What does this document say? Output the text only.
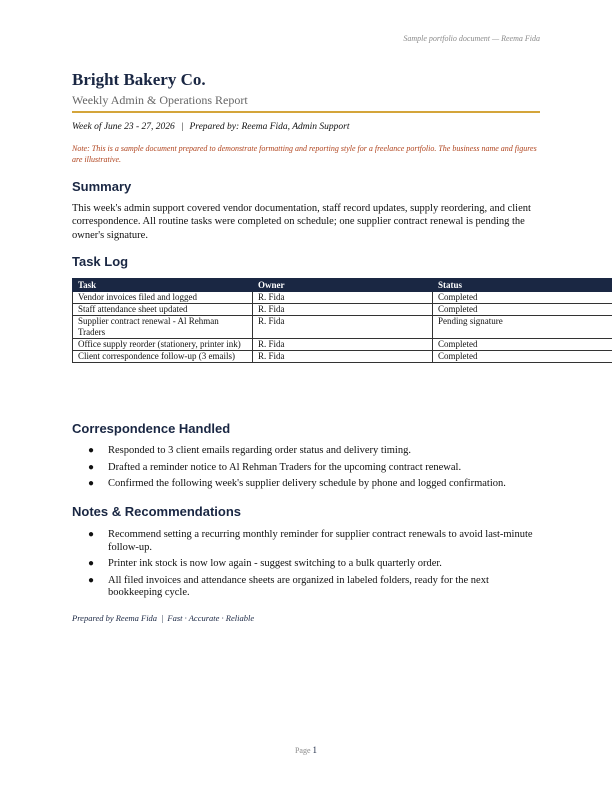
Sample portfolio document — Reema Fida
Bright Bakery Co.
Weekly Admin & Operations Report
Week of June 23 - 27, 2026 | Prepared by: Reema Fida, Admin Support
Note: This is a sample document prepared to demonstrate formatting and reporting style for a freelance portfolio. The business name and figures are illustrative.
Summary
This week's admin support covered vendor documentation, staff record updates, supply reordering, and client correspondence. All routine tasks were completed on schedule; one supplier contract renewal is pending the owner's signature.
Task Log
Task	Owner	Status
Vendor invoices filed and logged	R. Fida	Completed
Staff attendance sheet updated	R. Fida	Completed
Supplier contract renewal - Al Rehman Traders	R. Fida	Pending signature
Office supply reorder (stationery, printer ink)	R. Fida	Completed
Client correspondence follow-up (3 emails)	R. Fida	Completed
Correspondence Handled
● Responded to 3 client emails regarding order status and delivery timing.
● Drafted a reminder notice to Al Rehman Traders for the upcoming contract renewal.
● Confirmed the following week's supplier delivery schedule by phone and logged confirmation.
Notes & Recommendations
● Recommend setting a recurring monthly reminder for supplier contract renewals to avoid last-minute follow-up.
● Printer ink stock is now low again - suggest switching to a bulk quarterly order.
● All filed invoices and attendance sheets are organized in labeled folders, ready for the next bookkeeping cycle.
Prepared by Reema Fida | Fast · Accurate · Reliable
Page 1
